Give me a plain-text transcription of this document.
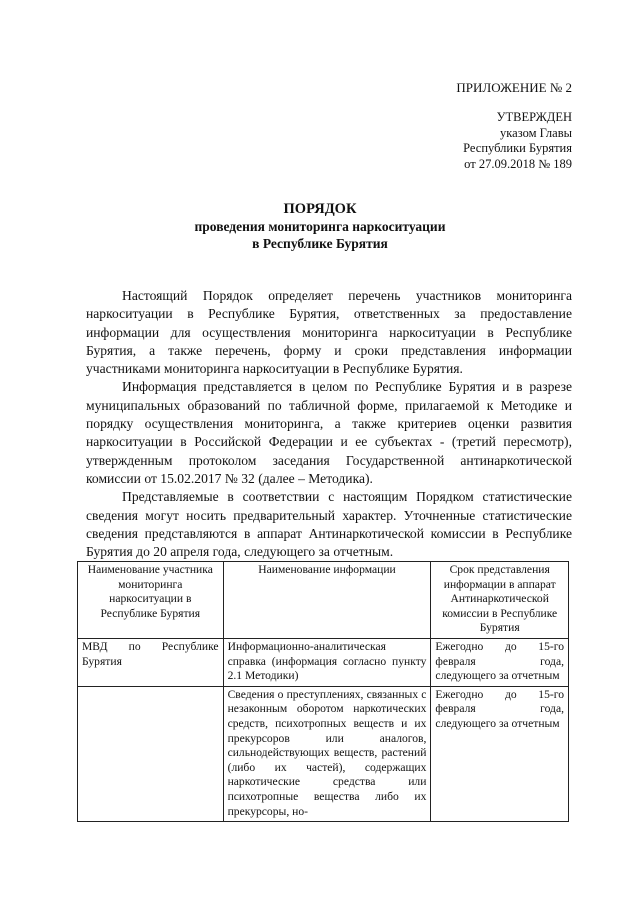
ПРИЛОЖЕНИЕ № 2
УТВЕРЖДЕН
указом Главы
Республики Бурятия
от 27.09.2018 № 189
ПОРЯДОК
проведения мониторинга наркоситуации
в Республике Бурятия

Настоящий Порядок определяет перечень участников мониторинга наркоситуации в Республике Бурятия, ответственных за предоставление информации для осуществления мониторинга наркоситуации в Республике Бурятия, а также перечень, форму и сроки представления информации участниками мониторинга наркоситуации в Республике Бурятия.

Информация представляется в целом по Республике Бурятия и в разрезе муниципальных образований по табличной форме, прилагаемой к Методике и порядку осуществления мониторинга, а также критериев оценки развития наркоситуации в Российской Федерации и ее субъектах - (третий пересмотр), утвержденным протоколом заседания Государственной антинаркотической комиссии от 15.02.2017 № 32 (далее – Методика).

Представляемые в соответствии с настоящим Порядком статистические сведения могут носить предварительный характер. Уточненные статистические сведения представляются в аппарат Антинаркотической комиссии в Республике Бурятия до 20 апреля года, следующего за отчетным.

Наименование участника мониторинга наркоситуации в Республике Бурятия	Наименование информации	Срок представления информации в аппарат Антинаркотической комиссии в Республике Бурятия
МВД по Республике Бурятия	Информационно-аналитическая справка (информация согласно пункту 2.1 Методики)	Ежегодно до 15-го февраля года, следующего за отчетным
	Сведения о преступлениях, связанных с незаконным оборотом наркотических средств, психотропных веществ и их прекурсоров или аналогов, сильнодействующих веществ, растений (либо их частей), содержащих наркотические средства или психотропные вещества либо их прекурсоры, но-	Ежегодно до 15-го февраля года, следующего за отчетным
